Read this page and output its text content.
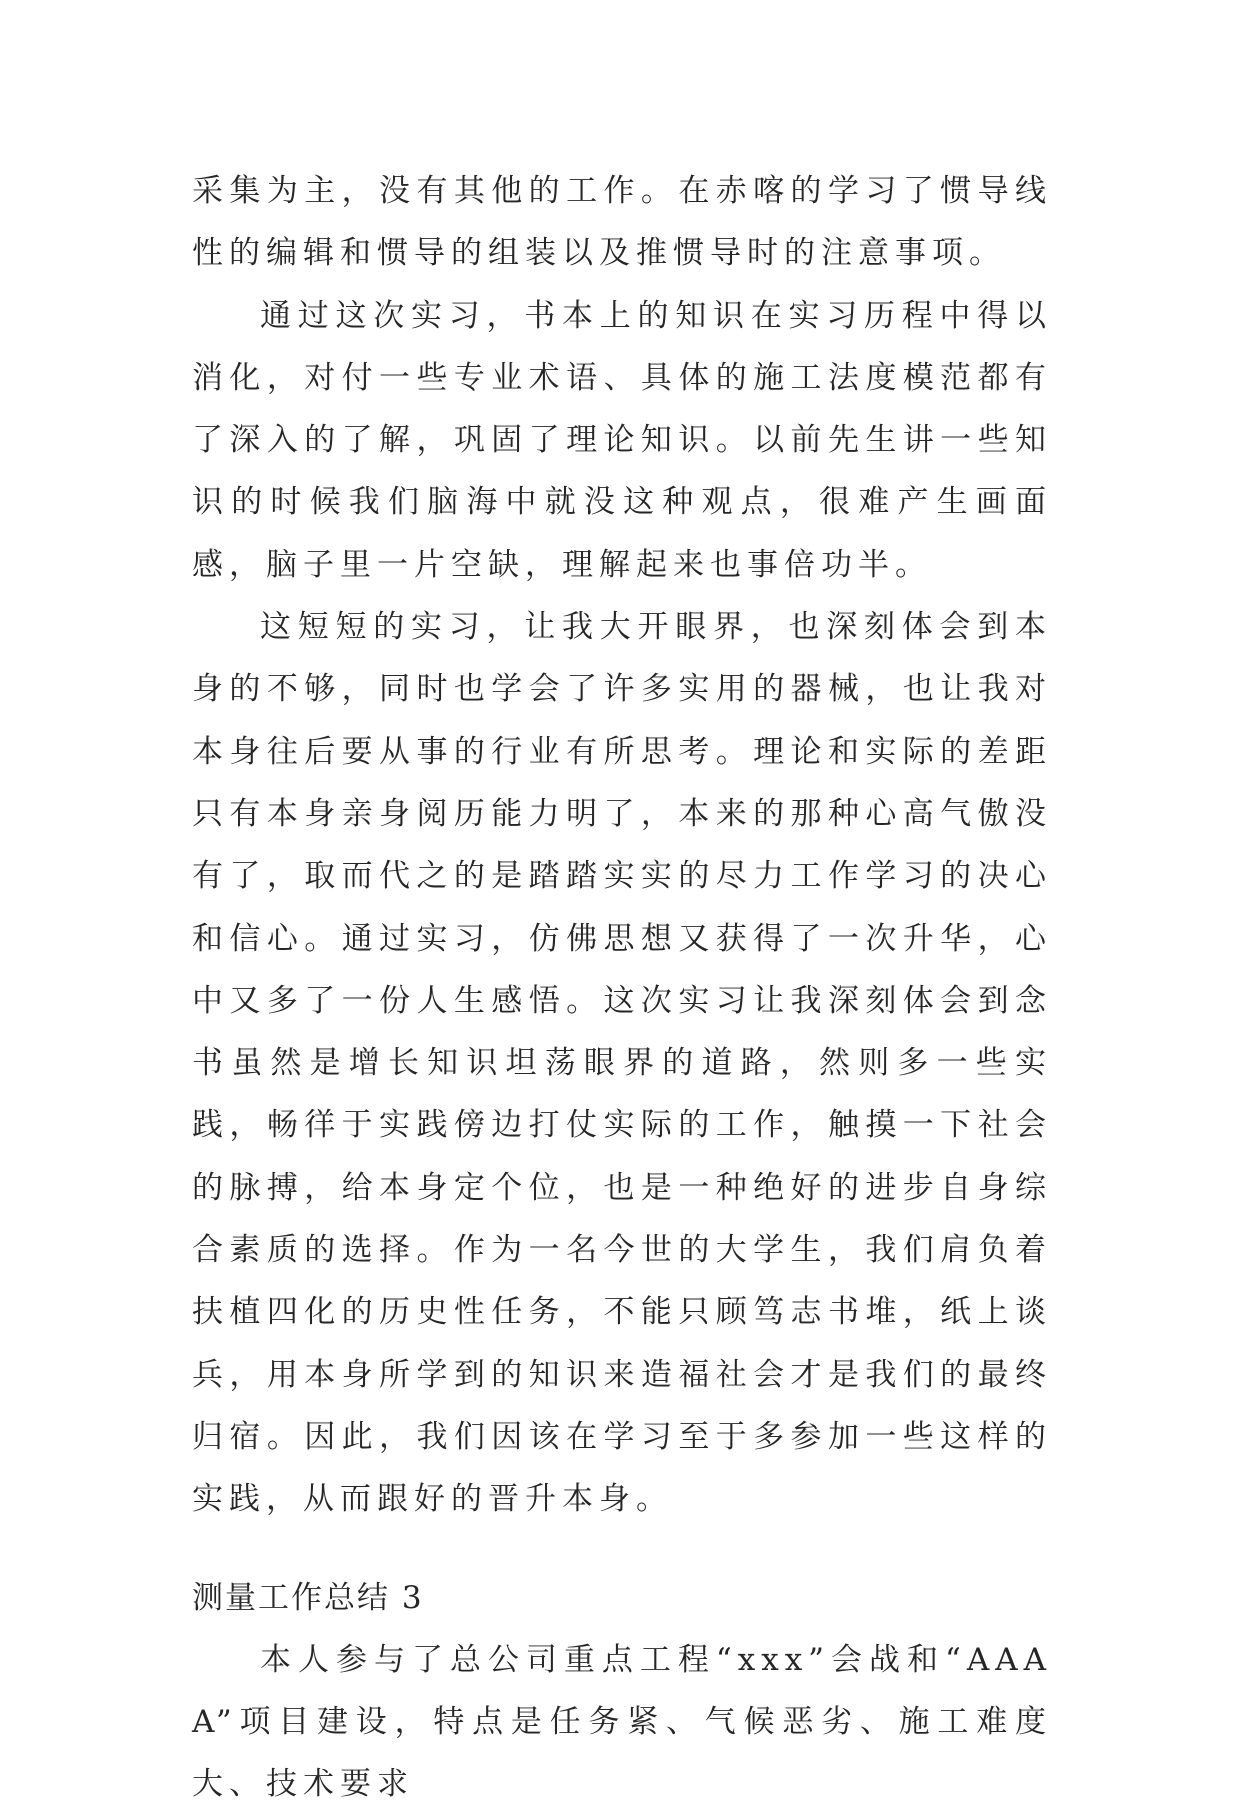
采集为主，没有其他的工作。在赤喀的学习了惯导线性的编辑和惯导的组装以及推惯导时的注意事项。

通过这次实习，书本上的知识在实习历程中得以消化，对付一些专业术语、具体的施工法度模范都有了深入的了解，巩固了理论知识。以前先生讲一些知识的时候我们脑海中就没这种观点，很难产生画面感，脑子里一片空缺，理解起来也事倍功半。

这短短的实习，让我大开眼界，也深刻体会到本身的不够，同时也学会了许多实用的器械，也让我对本身往后要从事的行业有所思考。理论和实际的差距只有本身亲身阅历能力明了，本来的那种心高气傲没有了，取而代之的是踏踏实实的尽力工作学习的决心和信心。通过实习，仿佛思想又获得了一次升华，心中又多了一份人生感悟。这次实习让我深刻体会到念书虽然是增长知识坦荡眼界的道路，然则多一些实践，畅徉于实践傍边打仗实际的工作，触摸一下社会的脉搏，给本身定个位，也是一种绝好的进步自身综合素质的选择。作为一名今世的大学生，我们肩负着扶植四化的历史性任务，不能只顾笃志书堆，纸上谈兵，用本身所学到的知识来造福社会才是我们的最终归宿。因此，我们因该在学习至于多参加一些这样的实践，从而跟好的晋升本身。

测量工作总结 3

本人参与了总公司重点工程“xxx”会战和“AAAA”项目建设，特点是任务紧、气候恶劣、施工难度大、技术要求
